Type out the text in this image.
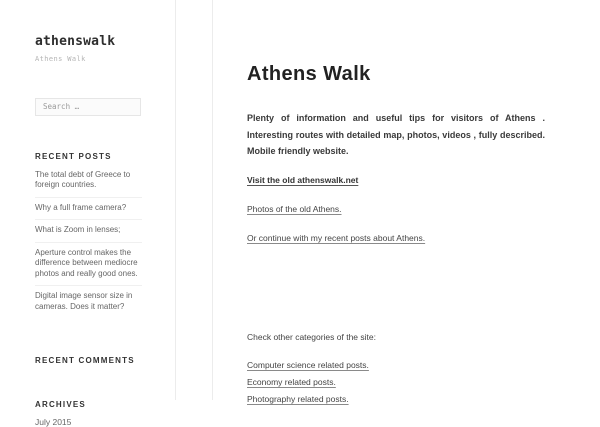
athenswalk
Athens Walk
Search …
RECENT POSTS
The total debt of Greece to foreign countries.
Why a full frame camera?
What is Zoom in lenses;
Aperture control makes the difference between mediocre photos and really good ones.
Digital image sensor size in cameras. Does it matter?
RECENT COMMENTS
ARCHIVES
July 2015
Athens Walk

Plenty of information and useful tips for visitors of Athens . Interesting routes with detailed map, photos, videos , fully described. Mobile friendly website.

Visit the old athenswalk.net
Photos of the old Athens.
Or continue with my recent posts about Athens.

Check other categories of the site:

Computer science related posts.
Economy related posts.
Photography related posts.
